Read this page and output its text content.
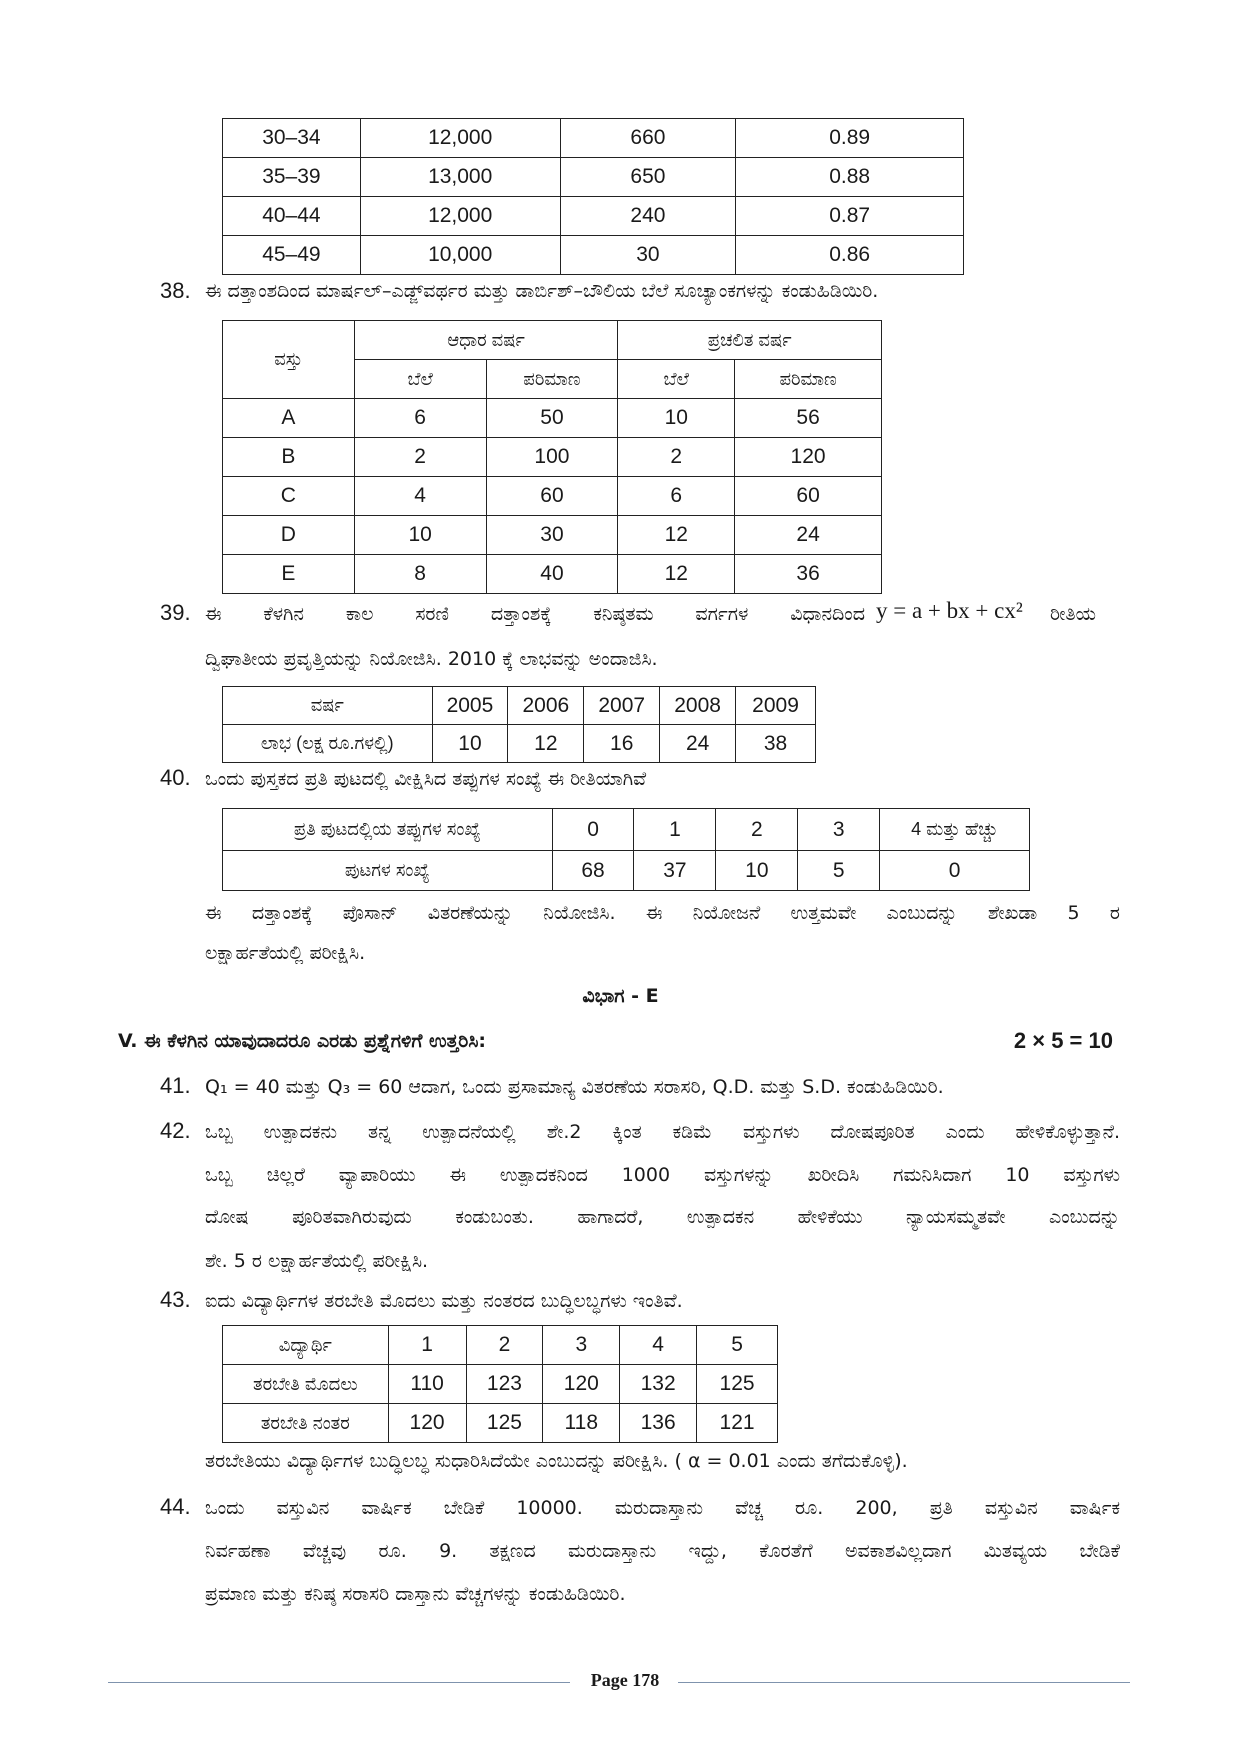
30–34	12,000	660	0.89
35–39	13,000	650	0.88
40–44	12,000	240	0.87
45–49	10,000	30	0.86
38. ಈ ದತ್ತಾಂಶದಿಂದ ಮಾರ್ಷಲ್–ಎಡ್ಜ್‌ವರ್ಥರ ಮತ್ತು ಡಾರ್ಬಿಶ್–ಬೌಲಿಯ ಬೆಲೆ ಸೂಚ್ಯಾಂಕಗಳನ್ನು ಕಂಡುಹಿಡಿಯಿರಿ.
ವಸ್ತು	ಆಧಾರ ವರ್ಷ		ಪ್ರಚಲಿತ ವರ್ಷ	
	ಬೆಲೆ	ಪರಿಮಾಣ	ಬೆಲೆ	ಪರಿಮಾಣ
A	6	50	10	56
B	2	100	2	120
C	4	60	6	60
D	10	30	12	24
E	8	40	12	36
39. ಈ ಕೆಳಗಿನ ಕಾಲ ಸರಣಿ ದತ್ತಾಂಶಕ್ಕೆ ಕನಿಷ್ಠತಮ ವರ್ಗಗಳ ವಿಧಾನದಿಂದ y = a + bx + cx² ರೀತಿಯ
ದ್ವಿಘಾತೀಯ ಪ್ರವೃತ್ತಿಯನ್ನು ನಿಯೋಜಿಸಿ. 2010 ಕ್ಕೆ ಲಾಭವನ್ನು ಅಂದಾಜಿಸಿ.
ವರ್ಷ	2005	2006	2007	2008	2009
ಲಾಭ (ಲಕ್ಷ ರೂ.ಗಳಲ್ಲಿ)	10	12	16	24	38
40. ಒಂದು ಪುಸ್ತಕದ ಪ್ರತಿ ಪುಟದಲ್ಲಿ ವೀಕ್ಷಿಸಿದ ತಪ್ಪುಗಳ ಸಂಖ್ಯೆ ಈ ರೀತಿಯಾಗಿವೆ
ಪ್ರತಿ ಪುಟದಲ್ಲಿಯ ತಪ್ಪುಗಳ ಸಂಖ್ಯೆ	0	1	2	3	4 ಮತ್ತು ಹೆಚ್ಚು
ಪುಟಗಳ ಸಂಖ್ಯೆ	68	37	10	5	0
ಈ ದತ್ತಾಂಶಕ್ಕೆ ಪೊಸಾನ್ ವಿತರಣೆಯನ್ನು ನಿಯೋಜಿಸಿ. ಈ ನಿಯೋಜನೆ ಉತ್ತಮವೇ ಎಂಬುದನ್ನು ಶೇಖಡಾ 5 ರ
ಲಕ್ಷಾರ್ಹತೆಯಲ್ಲಿ ಪರೀಕ್ಷಿಸಿ.
ವಿಭಾಗ - E
V. ಈ ಕೆಳಗಿನ ಯಾವುದಾದರೂ ಎರಡು ಪ್ರಶ್ನೆಗಳಿಗೆ ಉತ್ತರಿಸಿ:	2 × 5 = 10
41. Q₁ = 40 ಮತ್ತು Q₃ = 60 ಆದಾಗ, ಒಂದು ಪ್ರಸಾಮಾನ್ಯ ವಿತರಣೆಯ ಸರಾಸರಿ, Q.D. ಮತ್ತು S.D. ಕಂಡುಹಿಡಿಯಿರಿ.
42. ಒಬ್ಬ ಉತ್ಪಾದಕನು ತನ್ನ ಉತ್ಪಾದನೆಯಲ್ಲಿ ಶೇ.2 ಕ್ಕಿಂತ ಕಡಿಮೆ ವಸ್ತುಗಳು ದೋಷಪೂರಿತ ಎಂದು ಹೇಳಿಕೊಳ್ಳುತ್ತಾನೆ.
ಒಬ್ಬ ಚಿಲ್ಲರೆ ವ್ಯಾಪಾರಿಯು ಈ ಉತ್ಪಾದಕನಿಂದ 1000 ವಸ್ತುಗಳನ್ನು ಖರೀದಿಸಿ ಗಮನಿಸಿದಾಗ 10 ವಸ್ತುಗಳು
ದೋಷ ಪೂರಿತವಾಗಿರುವುದು ಕಂಡುಬಂತು. ಹಾಗಾದರೆ, ಉತ್ಪಾದಕನ ಹೇಳಿಕೆಯು ನ್ಯಾಯಸಮ್ಮತವೇ ಎಂಬುದನ್ನು
ಶೇ. 5 ರ ಲಕ್ಷಾರ್ಹತೆಯಲ್ಲಿ ಪರೀಕ್ಷಿಸಿ.
43. ಐದು ವಿದ್ಯಾರ್ಥಿಗಳ ತರಬೇತಿ ಮೊದಲು ಮತ್ತು ನಂತರದ ಬುದ್ಧಿಲಬ್ಧಗಳು ಇಂತಿವೆ.
ವಿದ್ಯಾರ್ಥಿ	1	2	3	4	5
ತರಬೇತಿ ಮೊದಲು	110	123	120	132	125
ತರಬೇತಿ ನಂತರ	120	125	118	136	121
ತರಬೇತಿಯು ವಿದ್ಯಾರ್ಥಿಗಳ ಬುದ್ಧಿಲಬ್ಧ ಸುಧಾರಿಸಿದೆಯೇ ಎಂಬುದನ್ನು ಪರೀಕ್ಷಿಸಿ. ( α = 0.01 ಎಂದು ತಗೆದುಕೊಳ್ಳಿ).
44. ಒಂದು ವಸ್ತುವಿನ ವಾರ್ಷಿಕ ಬೇಡಿಕೆ 10000. ಮರುದಾಸ್ತಾನು ವೆಚ್ಚ ರೂ. 200, ಪ್ರತಿ ವಸ್ತುವಿನ ವಾರ್ಷಿಕ
ನಿರ್ವಹಣಾ ವೆಚ್ಚವು ರೂ. 9. ತಕ್ಷಣದ ಮರುದಾಸ್ತಾನು ಇದ್ದು, ಕೊರತೆಗೆ ಅವಕಾಶವಿಲ್ಲದಾಗ ಮಿತವ್ಯಯ ಬೇಡಿಕೆ
ಪ್ರಮಾಣ ಮತ್ತು ಕನಿಷ್ಠ ಸರಾಸರಿ ದಾಸ್ತಾನು ವೆಚ್ಚಗಳನ್ನು ಕಂಡುಹಿಡಿಯಿರಿ.
Page 178
